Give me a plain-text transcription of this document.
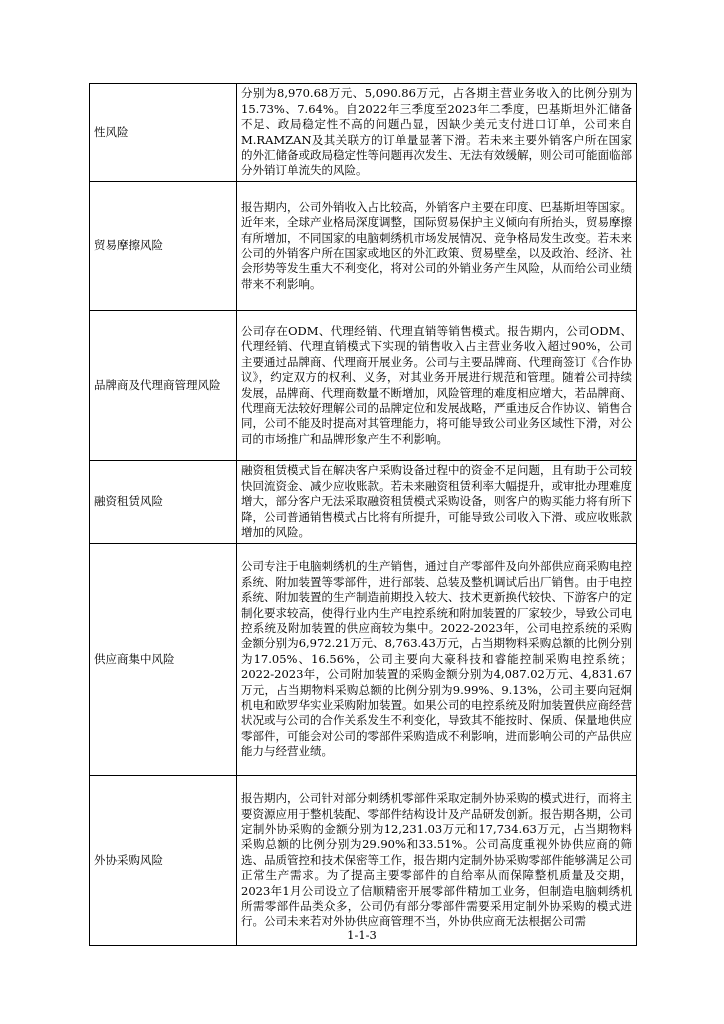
性风险	分别为8,970.68万元、5,090.86万元，占各期主营业务收入的比例分别为15.73%、7.64%。自2022年三季度至2023年二季度，巴基斯坦外汇储备不足、政局稳定性不高的问题凸显，因缺少美元支付进口订单，公司来自M.RAMZAN及其关联方的订单量显著下滑。若未来主要外销客户所在国家的外汇储备或政局稳定性等问题再次发生、无法有效缓解，则公司可能面临部分外销订单流失的风险。
贸易摩擦风险	报告期内，公司外销收入占比较高，外销客户主要在印度、巴基斯坦等国家。近年来，全球产业格局深度调整，国际贸易保护主义倾向有所抬头，贸易摩擦有所增加，不同国家的电脑刺绣机市场发展情况、竞争格局发生改变。若未来公司的外销客户所在国家或地区的外汇政策、贸易壁垒，以及政治、经济、社会形势等发生重大不利变化，将对公司的外销业务产生风险，从而给公司业绩带来不利影响。
品牌商及代理商管理风险	公司存在ODM、代理经销、代理直销等销售模式。报告期内，公司ODM、代理经销、代理直销模式下实现的销售收入占主营业务收入超过90%，公司主要通过品牌商、代理商开展业务。公司与主要品牌商、代理商签订《合作协议》，约定双方的权利、义务，对其业务开展进行规范和管理。随着公司持续发展，品牌商、代理商数量不断增加，风险管理的难度相应增大，若品牌商、代理商无法较好理解公司的品牌定位和发展战略，严重违反合作协议、销售合同，公司不能及时提高对其管理能力，将可能导致公司业务区域性下滑，对公司的市场推广和品牌形象产生不利影响。
融资租赁风险	融资租赁模式旨在解决客户采购设备过程中的资金不足问题，且有助于公司较快回流资金、减少应收账款。若未来融资租赁利率大幅提升，或审批办理难度增大，部分客户无法采取融资租赁模式采购设备，则客户的购买能力将有所下降，公司普通销售模式占比将有所提升，可能导致公司收入下滑、或应收账款增加的风险。
供应商集中风险	公司专注于电脑刺绣机的生产销售，通过自产零部件及向外部供应商采购电控系统、附加装置等零部件，进行部装、总装及整机调试后出厂销售。由于电控系统、附加装置的生产制造前期投入较大、技术更新换代较快、下游客户的定制化要求较高，使得行业内生产电控系统和附加装置的厂家较少，导致公司电控系统及附加装置的供应商较为集中。2022-2023年，公司电控系统的采购金额分别为6,972.21万元、8,763.43万元，占当期物料采购总额的比例分别为17.05%、16.56%，公司主要向大豪科技和睿能控制采购电控系统；2022-2023年，公司附加装置的采购金额分别为4,087.02万元、4,831.67万元，占当期物料采购总额的比例分别为9.99%、9.13%，公司主要向冠炯机电和欧罗华实业采购附加装置。如果公司的电控系统及附加装置供应商经营状况或与公司的合作关系发生不利变化，导致其不能按时、保质、保量地供应零部件，可能会对公司的零部件采购造成不利影响，进而影响公司的产品供应能力与经营业绩。
外协采购风险	报告期内，公司针对部分刺绣机零部件采取定制外协采购的模式进行，而将主要资源应用于整机装配、零部件结构设计及产品研发创新。报告期各期，公司定制外协采购的金额分别为12,231.03万元和17,734.63万元，占当期物料采购总额的比例分别为29.90%和33.51%。公司高度重视外协供应商的筛选、品质管控和技术保密等工作，报告期内定制外协采购零部件能够满足公司正常生产需求。为了提高主要零部件的自给率从而保障整机质量及交期，2023年1月公司设立了信顺精密开展零部件精加工业务，但制造电脑刺绣机所需零部件品类众多，公司仍有部分零部件需要采用定制外协采购的模式进行。公司未来若对外协供应商管理不当，外协供应商无法根据公司需
1-1-3
